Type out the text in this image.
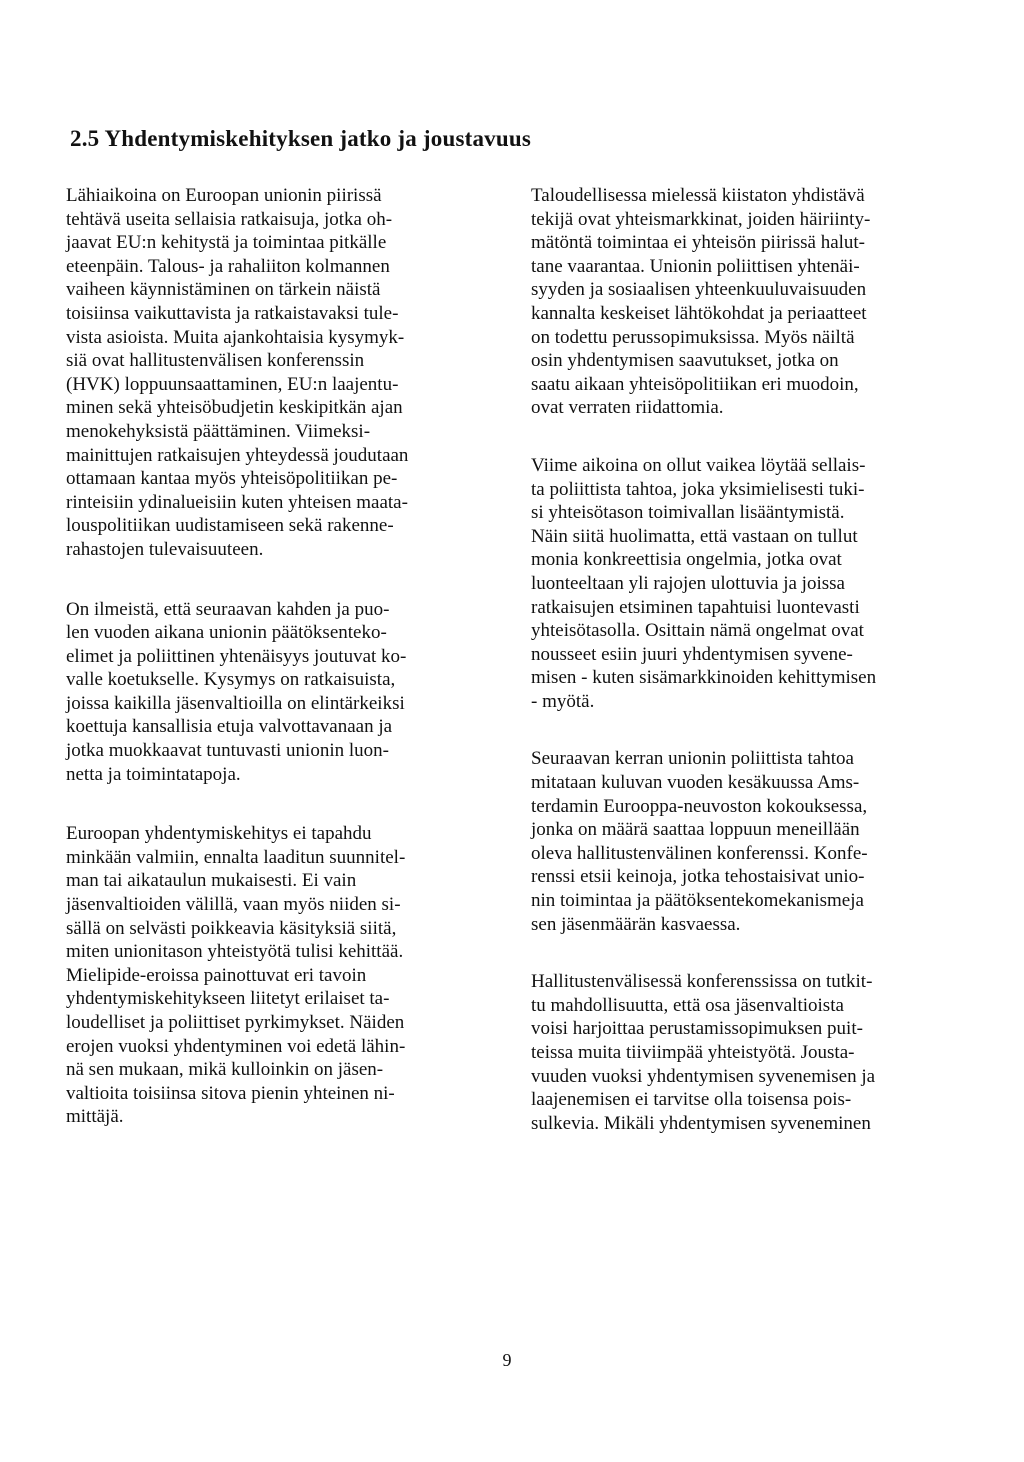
2.5 Yhdentymiskehityksen jatko ja joustavuus

Lähiaikoina on Euroopan unionin piirissä
tehtävä useita sellaisia ratkaisuja, jotka oh-
jaavat EU:n kehitystä ja toimintaa pitkälle
eteenpäin. Talous- ja rahaliiton kolmannen
vaiheen käynnistäminen on tärkein näistä
toisiinsa vaikuttavista ja ratkaistavaksi tule-
vista asioista. Muita ajankohtaisia kysymyk-
siä ovat hallitustenvälisen konferenssin
(HVK) loppuunsaattaminen, EU:n laajentu-
minen sekä yhteisöbudjetin keskipitkän ajan
menokehyksistä päättäminen. Viimeksi-
mainittujen ratkaisujen yhteydessä joudutaan
ottamaan kantaa myös yhteisöpolitiikan pe-
rinteisiin ydinalueisiin kuten yhteisen maata-
louspolitiikan uudistamiseen sekä rakenne-
rahastojen tulevaisuuteen.

On ilmeistä, että seuraavan kahden ja puo-
len vuoden aikana unionin päätöksenteko-
elimet ja poliittinen yhtenäisyys joutuvat ko-
valle koetukselle. Kysymys on ratkaisuista,
joissa kaikilla jäsenvaltioilla on elintärkeiksi
koettuja kansallisia etuja valvottavanaan ja
jotka muokkaavat tuntuvasti unionin luon-
netta ja toimintatapoja.

Euroopan yhdentymiskehitys ei tapahdu
minkään valmiin, ennalta laaditun suunnitel-
man tai aikataulun mukaisesti. Ei vain
jäsenvaltioiden välillä, vaan myös niiden si-
sällä on selvästi poikkeavia käsityksiä siitä,
miten unionitason yhteistyötä tulisi kehittää.
Mielipide-eroissa painottuvat eri tavoin
yhdentymiskehitykseen liitetyt erilaiset ta-
loudelliset ja poliittiset pyrkimykset. Näiden
erojen vuoksi yhdentyminen voi edetä lähin-
nä sen mukaan, mikä kulloinkin on jäsen-
valtioita toisiinsa sitova pienin yhteinen ni-
mittäjä.

Taloudellisessa mielessä kiistaton yhdistävä
tekijä ovat yhteismarkkinat, joiden häiriinty-
mätöntä toimintaa ei yhteisön piirissä halut-
tane vaarantaa. Unionin poliittisen yhtenäi-
syyden ja sosiaalisen yhteenkuuluvaisuuden
kannalta keskeiset lähtökohdat ja periaatteet
on todettu perussopimuksissa. Myös näiltä
osin yhdentymisen saavutukset, jotka on
saatu aikaan yhteisöpolitiikan eri muodoin,
ovat verraten riidattomia.

Viime aikoina on ollut vaikea löytää sellais-
ta poliittista tahtoa, joka yksimielisesti tuki-
si yhteisötason toimivallan lisääntymistä.
Näin siitä huolimatta, että vastaan on tullut
monia konkreettisia ongelmia, jotka ovat
luonteeltaan yli rajojen ulottuvia ja joissa
ratkaisujen etsiminen tapahtuisi luontevasti
yhteisötasolla. Osittain nämä ongelmat ovat
nousseet esiin juuri yhdentymisen syvene-
misen - kuten sisämarkkinoiden kehittymisen
- myötä.

Seuraavan kerran unionin poliittista tahtoa
mitataan kuluvan vuoden kesäkuussa Ams-
terdamin Eurooppa-neuvoston kokouksessa,
jonka on määrä saattaa loppuun meneillään
oleva hallitustenvälinen konferenssi. Konfe-
renssi etsii keinoja, jotka tehostaisivat unio-
nin toimintaa ja päätöksentekomekanismeja
sen jäsenmäärän kasvaessa.

Hallitustenvälisessä konferenssissa on tutkit-
tu mahdollisuutta, että osa jäsenvaltioista
voisi harjoittaa perustamissopimuksen puit-
teissa muita tiiviimpää yhteistyötä. Jousta-
vuuden vuoksi yhdentymisen syvenemisen ja
laajenemisen ei tarvitse olla toisensa pois-
sulkevia. Mikäli yhdentymisen syveneminen

9
